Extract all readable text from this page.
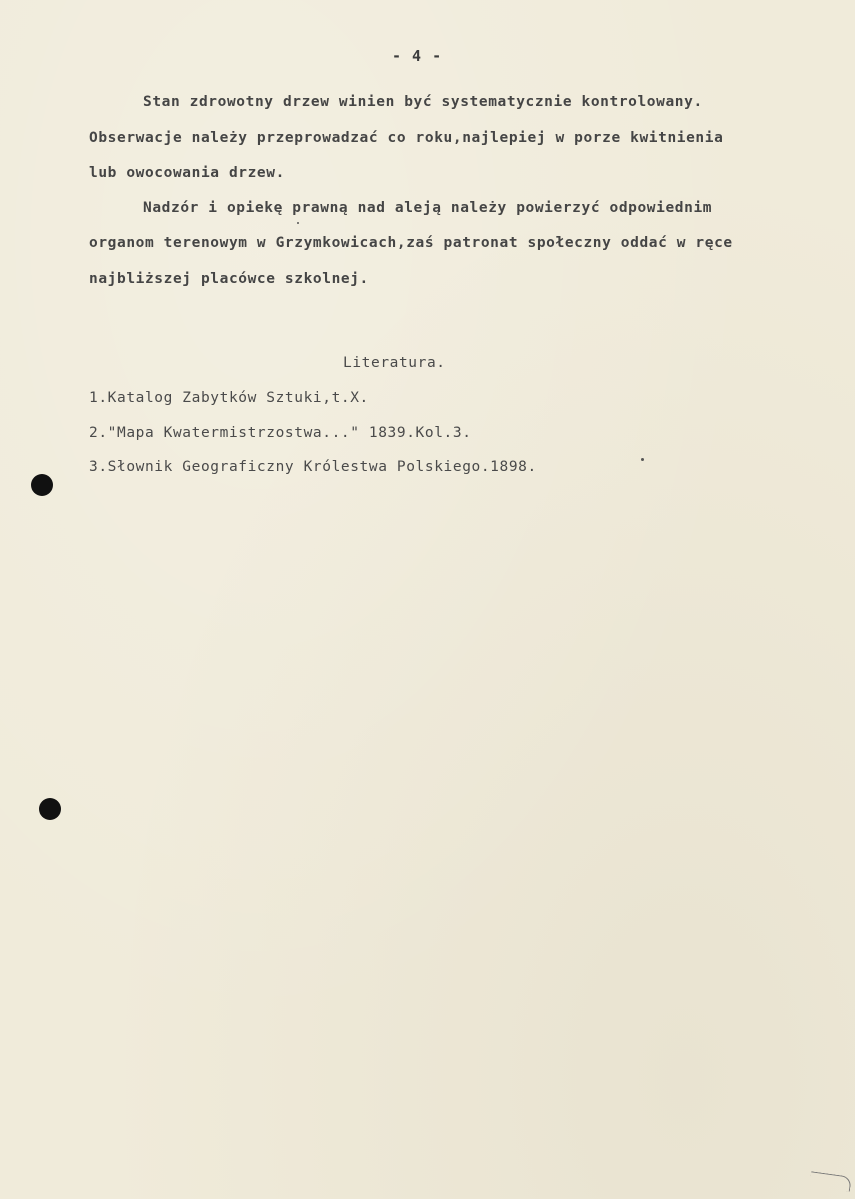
- 4 -
Stan zdrowotny drzew winien być systematycznie kontrolowany.
Obserwacje należy przeprowadzać co roku,najlepiej w porze kwitnienia
lub owocowania drzew.
Nadzór i opiekę prawną nad aleją należy powierzyć odpowiednim
organom terenowym w Grzymkowicach,zaś patronat społeczny oddać w ręce
najbliższej placówce szkolnej.
Literatura.
1.Katalog Zabytków Sztuki,t.X.
2."Mapa Kwatermistrzostwa..." 1839.Kol.3.
3.Słownik Geograficzny Królestwa Polskiego.1898.
